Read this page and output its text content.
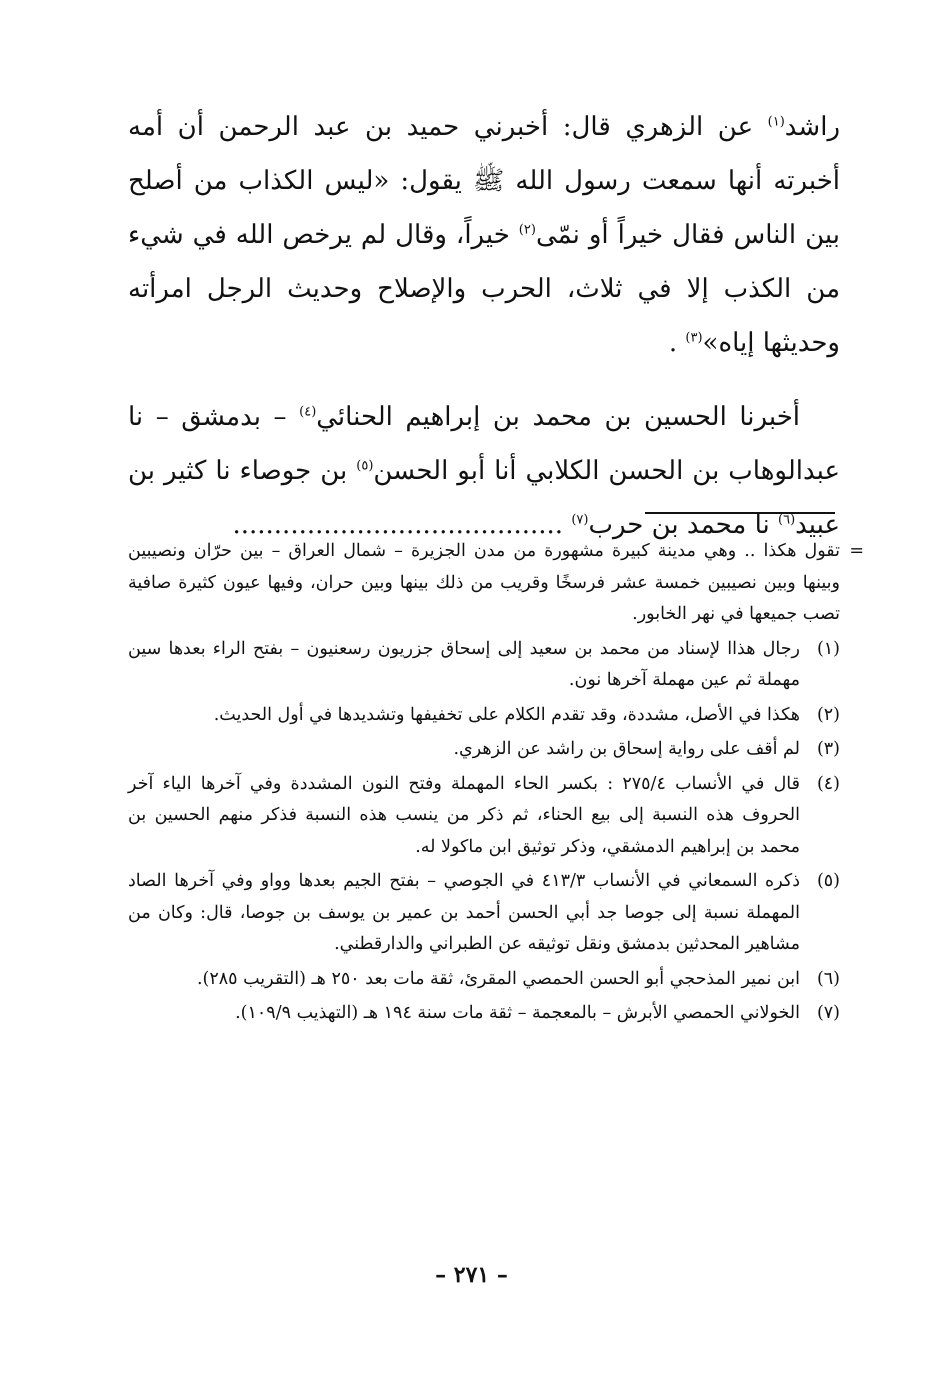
راشد$^{(١)}$ عن الزهري قال: أخبرني حميد بن عبد الرحمن أن أمه أخبرته أنها سمعت رسول الله ﷺ يقول: «ليس الكذاب من أصلح بين الناس فقال خيراً أو نمّى$^{(٢)}$ خيراً، وقال لم يرخص الله في شيء من الكذب إلا في ثلاث، الحرب والإصلاح وحديث الرجل امرأته وحديثها إياه»$^{(٣)}$ .

أخبرنا الحسين بن محمد بن إبراهيم الحنائي$^{(٤)}$ – بدمشق – نا عبدالوهاب بن الحسن الكلابي أنا أبو الحسن$^{(٥)}$ بن جوصاء نا كثير بن عبيد$^{(٦)}$ نا محمد بن حرب$^{(٧)}$ ........................................

=
تقول هكذا .. وهي مدينة كبيرة مشهورة من مدن الجزيرة – شمال العراق – بين حرّان ونصيبين وبينها وبين نصيبين خمسة عشر فرسخًا وقريب من ذلك بينها وبين حران، وفيها عيون كثيرة صافية تصب جميعها في نهر الخابور.
(١)
رجال هذاا لإسناد من محمد بن سعيد إلى إسحاق جزريون رسعنيون – بفتح الراء بعدها سين مهملة ثم عين مهملة آخرها نون.
(٢)
هكذا في الأصل، مشددة، وقد تقدم الكلام على تخفيفها وتشديدها في أول الحديث.
(٣)
لم أقف على رواية إسحاق بن راشد عن الزهري.
(٤)
قال في الأنساب ٢٧٥/٤ : بكسر الحاء المهملة وفتح النون المشددة وفي آخرها الياء آخر الحروف هذه النسبة إلى بيع الحناء، ثم ذكر من ينسب هذه النسبة فذكر منهم الحسين بن محمد بن إبراهيم الدمشقي، وذكر توثيق ابن ماكولا له.
(٥)
ذكره السمعاني في الأنساب ٤١٣/٣ في الجوصي – بفتح الجيم بعدها وواو وفي آخرها الصاد المهملة نسبة إلى جوصا جد أبي الحسن أحمد بن عمير بن يوسف بن جوصا، قال: وكان من مشاهير المحدثين بدمشق ونقل توثيقه عن الطبراني والدارقطني.
(٦)
ابن نمير المذحجي أبو الحسن الحمصي المقرئ، ثقة مات بعد ٢٥٠ هـ (التقريب ٢٨٥).
(٧)
الخولاني الحمصي الأبرش – بالمعجمة – ثقة مات سنة ١٩٤ هـ (التهذيب ١٠٩/٩).
– ٢٧١ –
